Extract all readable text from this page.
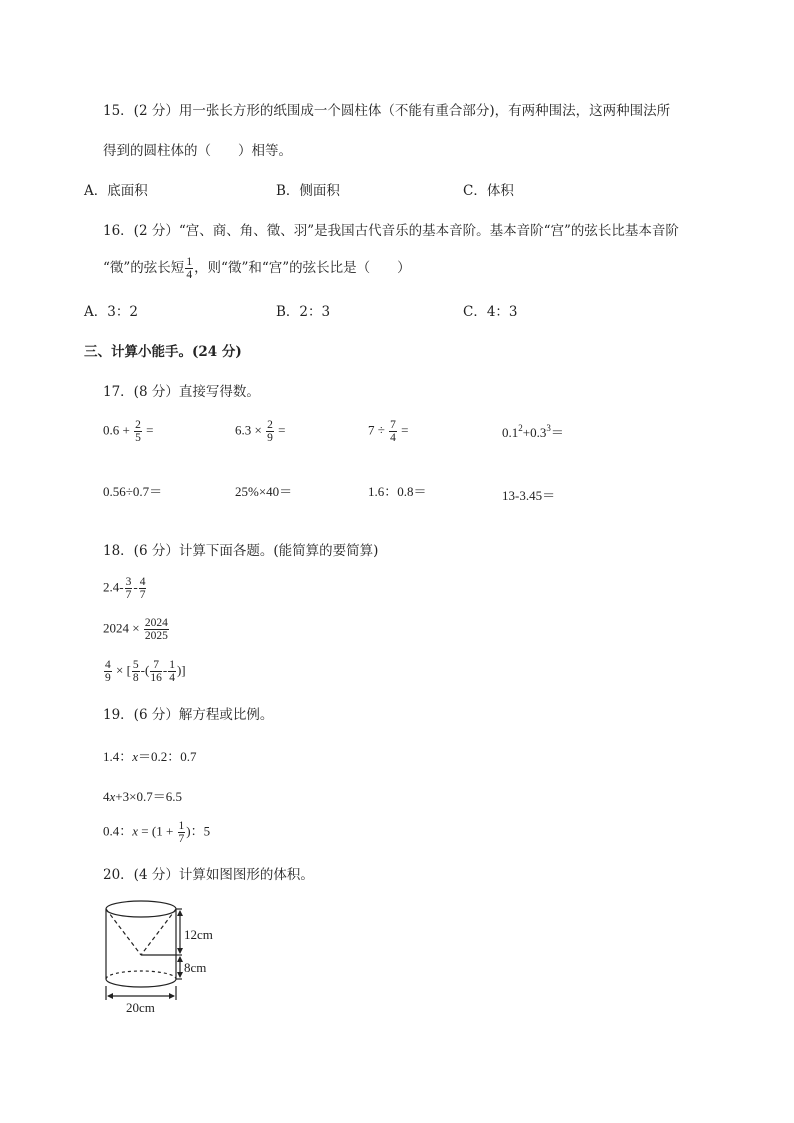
15．(2 分）用一张长方形的纸围成一个圆柱体（不能有重合部分)，有两种围法，这两种围法所
得到的圆柱体的（　　）相等。
A．底面积	B．侧面积	C．体积
16．(2 分）“宫、商、角、徵、羽”是我国古代音乐的基本音阶。基本音阶“宫”的弦长比基本音阶
“徵”的弦长短 $\frac{1}{4}$ ，则“徵”和“宫”的弦长比是（　　）
A．3：2	B．2：3	C．4：3
三、计算小能手。(24 分)
17．(8 分）直接写得数。
$0.6 + \frac{2}{5}$ =	$6.3 \times \frac{2}{9}$ =	$7 \div \frac{7}{4}$ =	$0.1^2+0.3^3=$
0.56÷0.7＝	25%×40＝	1.6：0.8＝	13-3.45＝
18．(6 分）计算下面各题。(能简算的要简算)
$2.4- \frac{3}{7} - \frac{4}{7}$
$2024 \times \frac{2024}{2025}$
$\frac{4}{9}$ × [ $\frac{5}{8}$ -( $\frac{7}{16} - \frac{1}{4}$ )]
19．(6 分）解方程或比例。
1.4：x＝0.2：0.7
4x+3×0.7＝6.5
0.4：$x = (1 + \frac{1}{7}$ )：5
20．(4 分）计算如图图形的体积。
12cm
8cm
20cm
